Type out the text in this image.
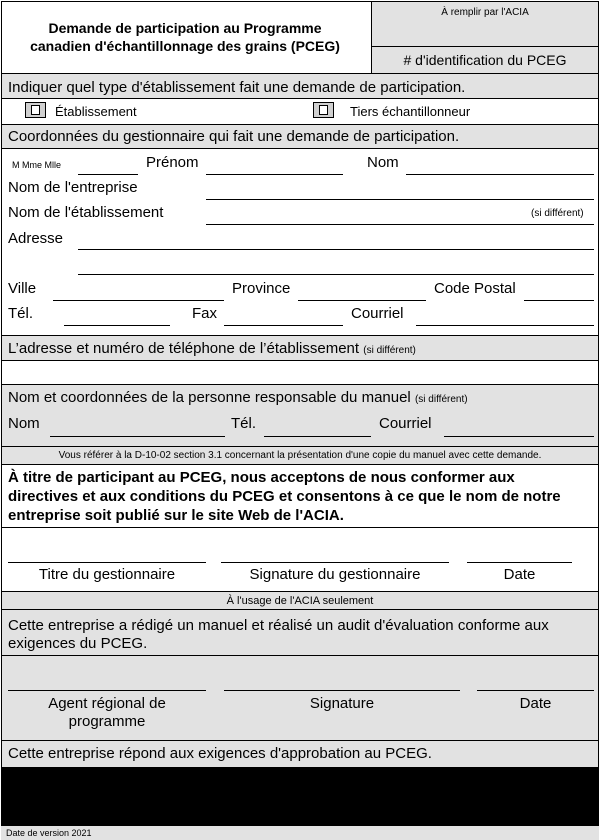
Demande de participation au Programme
canadien d'échantillonnage des grains (PCEG)
À remplir par l'ACIA
# d'identification du PCEG
Indiquer quel type d'établissement fait une demande de participation.
Établissement	Tiers échantillonneur
Coordonnées du gestionnaire qui fait une demande de participation.
M Mme Mlle	Prénom	Nom
Nom de l'entreprise
Nom de l'établissement	(si différent)
Adresse
Ville	Province	Code Postal
Tél.	Fax	Courriel
L’adresse et numéro de téléphone de l’établissement (si différent)
Nom et coordonnées de la personne responsable du manuel (si différent)
Nom	Tél.	Courriel
Vous référer à la D-10-02 section 3.1 concernant la présentation d'une copie du manuel avec cette demande.
À titre de participant au PCEG, nous acceptons de nous conformer aux
directives et aux conditions du PCEG et consentons à ce que le nom de notre
entreprise soit publié sur le site Web de l'ACIA.
Titre du gestionnaire	Signature du gestionnaire	Date
À l'usage de l'ACIA seulement
Cette entreprise a rédigé un manuel et réalisé un audit d'évaluation conforme aux
exigences du PCEG.
Agent régional de
programme
Signature	Date
Cette entreprise répond aux exigences d'approbation au PCEG.
Date de version 2021
